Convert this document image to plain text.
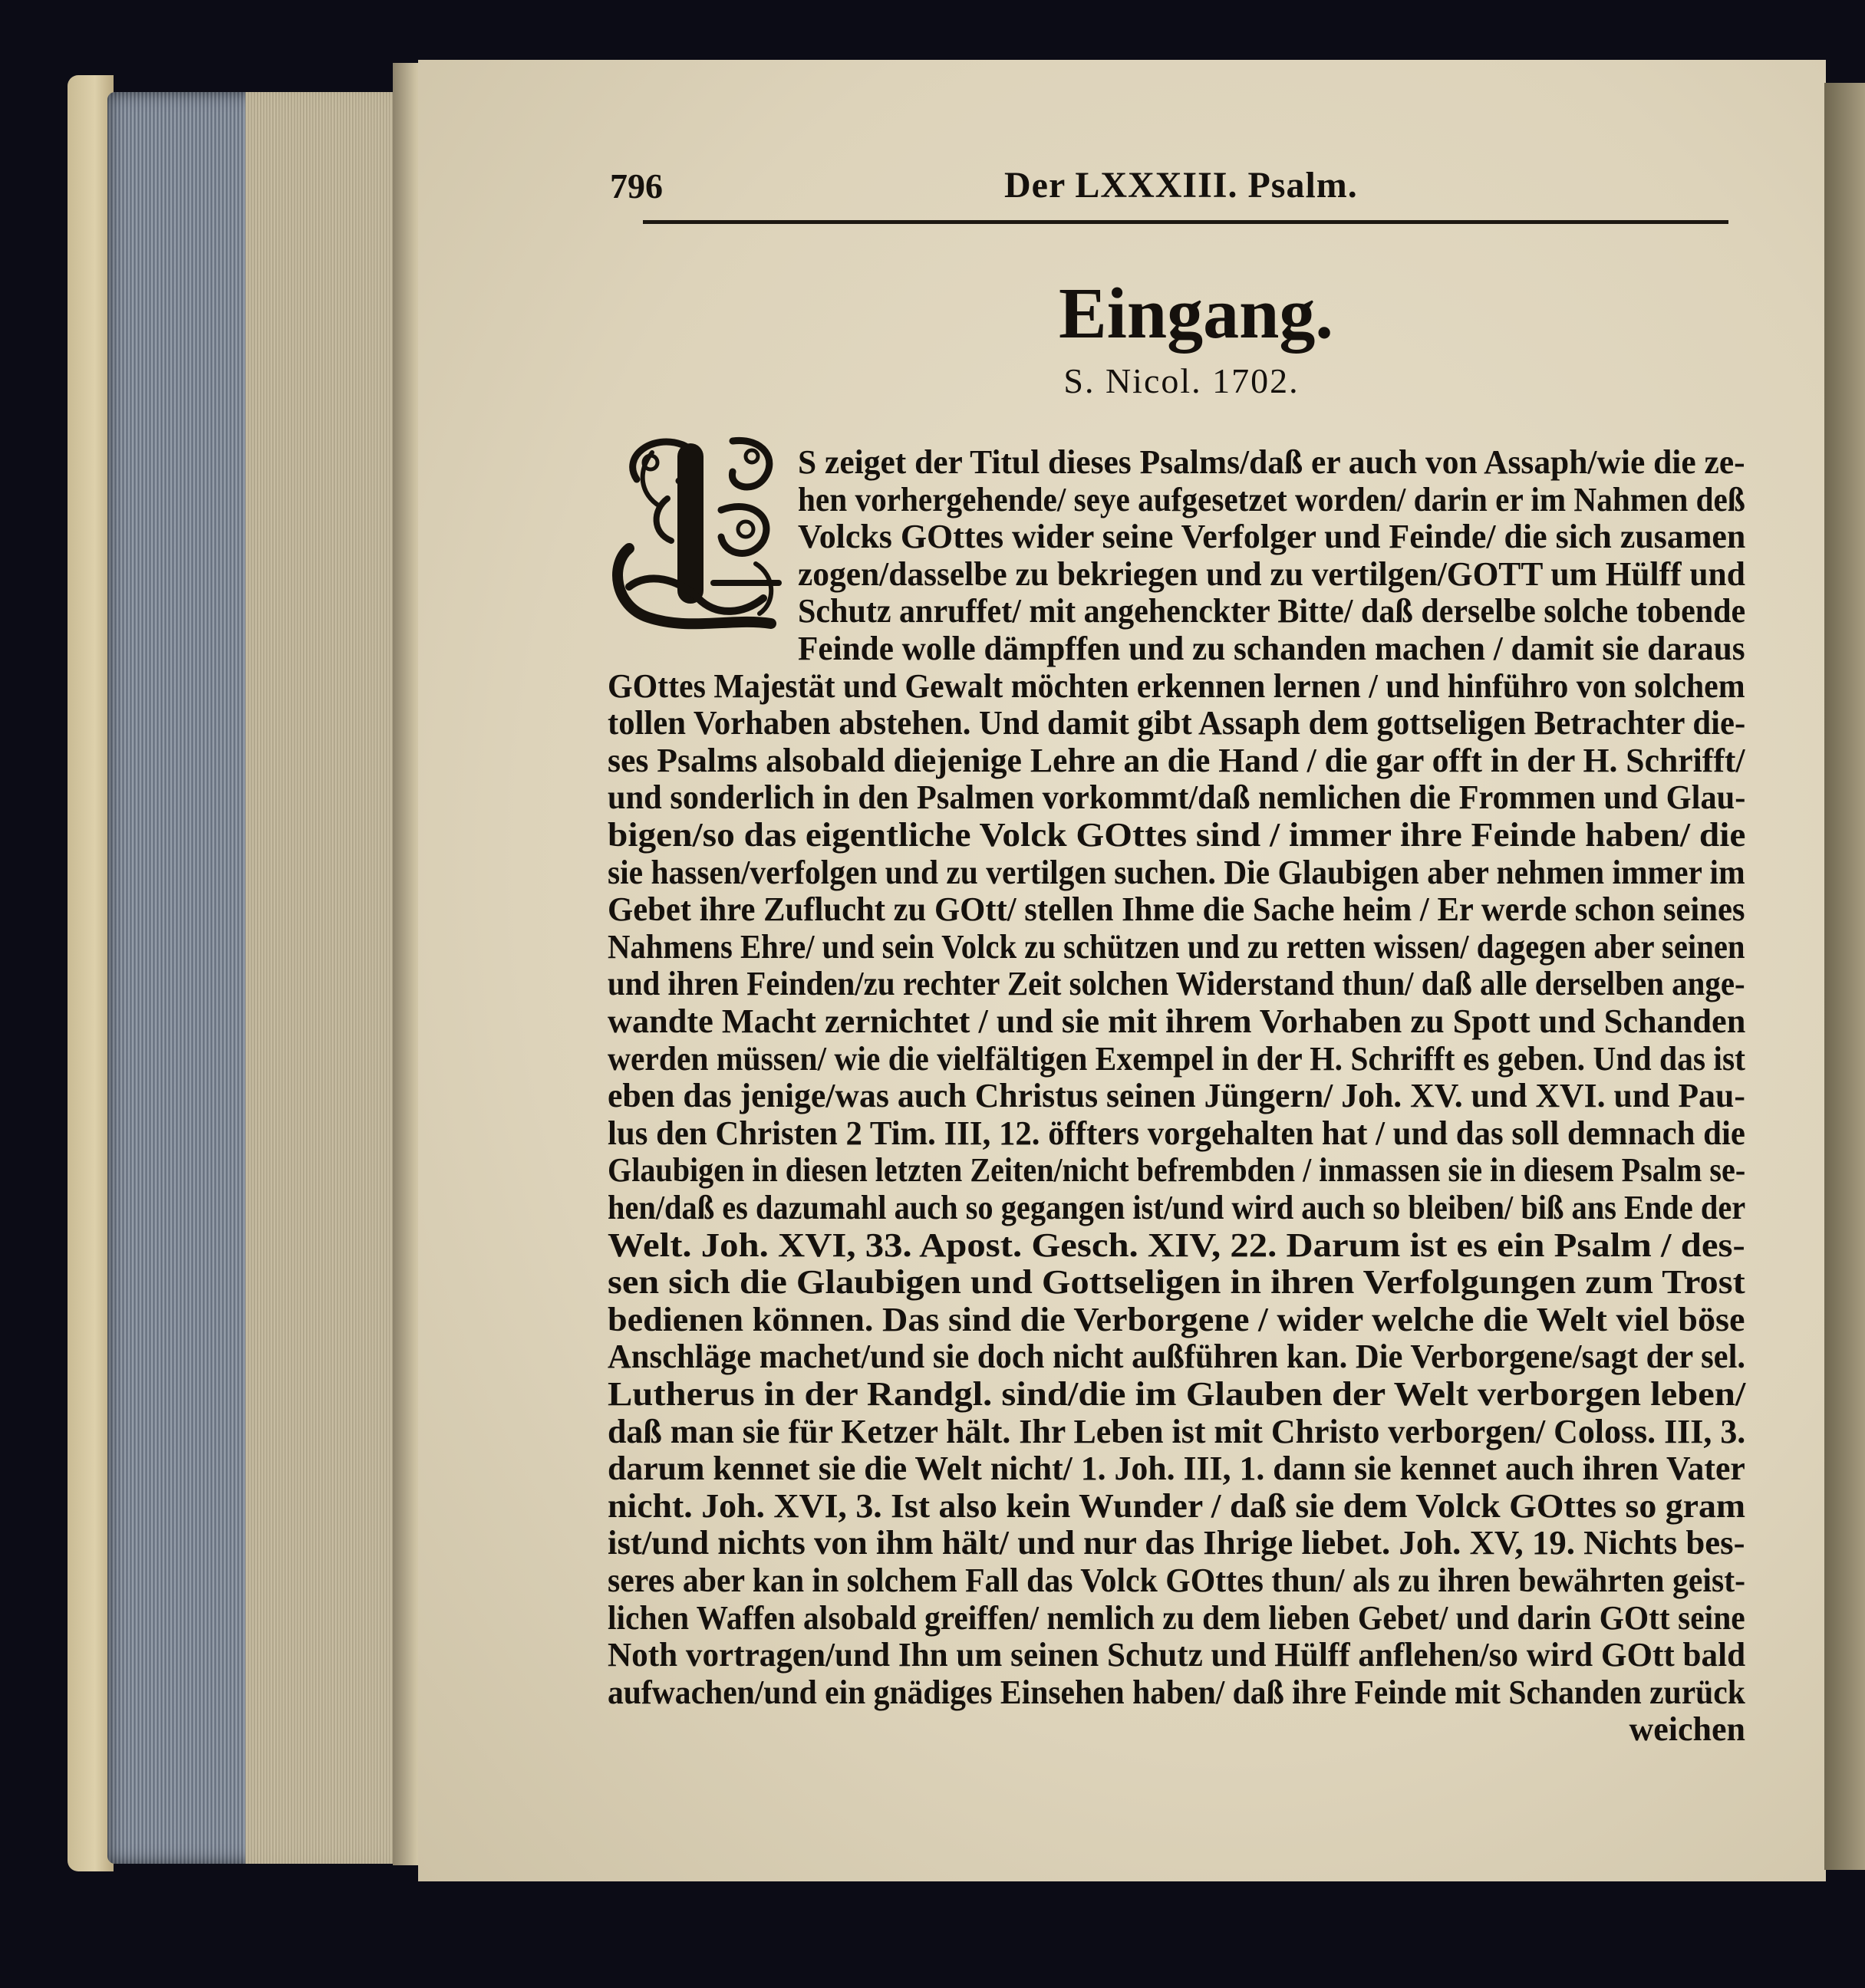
796	Der LXXXIII. Psalm.
Eingang.
S. Nicol. 1702.
S zeiget der Titul dieses Psalms/daß er auch von Assaph/wie die ze-
hen vorhergehende/ seye aufgesetzet worden/ darin er im Nahmen deß
Volcks GOttes wider seine Verfolger und Feinde/ die sich zusamen
zogen/dasselbe zu bekriegen und zu vertilgen/GOTT um Hülff und
Schutz anruffet/ mit angehenckter Bitte/ daß derselbe solche tobende
Feinde wolle dämpffen und zu schanden machen / damit sie daraus
GOttes Majestät und Gewalt möchten erkennen lernen / und hinführo von solchem
tollen Vorhaben abstehen. Und damit gibt Assaph dem gottseligen Betrachter die-
ses Psalms alsobald diejenige Lehre an die Hand / die gar offt in der H. Schrifft/
und sonderlich in den Psalmen vorkommt/daß nemlichen die Frommen und Glau-
bigen/so das eigentliche Volck GOttes sind / immer ihre Feinde haben/ die
sie hassen/verfolgen und zu vertilgen suchen. Die Glaubigen aber nehmen immer im
Gebet ihre Zuflucht zu GOtt/ stellen Ihme die Sache heim / Er werde schon seines
Nahmens Ehre/ und sein Volck zu schützen und zu retten wissen/ dagegen aber seinen
und ihren Feinden/zu rechter Zeit solchen Widerstand thun/ daß alle derselben ange-
wandte Macht zernichtet / und sie mit ihrem Vorhaben zu Spott und Schanden
werden müssen/ wie die vielfältigen Exempel in der H. Schrifft es geben. Und das ist
eben das jenige/was auch Christus seinen Jüngern/ Joh. XV. und XVI. und Pau-
lus den Christen 2 Tim. III, 12. öffters vorgehalten hat / und das soll demnach die
Glaubigen in diesen letzten Zeiten/nicht befrembden / inmassen sie in diesem Psalm se-
hen/daß es dazumahl auch so gegangen ist/und wird auch so bleiben/ biß ans Ende der
Welt. Joh. XVI, 33. Apost. Gesch. XIV, 22. Darum ist es ein Psalm / des-
sen sich die Glaubigen und Gottseligen in ihren Verfolgungen zum Trost
bedienen können. Das sind die Verborgene / wider welche die Welt viel böse
Anschläge machet/und sie doch nicht außführen kan. Die Verborgene/sagt der sel.
Lutherus in der Randgl. sind/die im Glauben der Welt verborgen leben/
daß man sie für Ketzer hält. Ihr Leben ist mit Christo verborgen/ Coloss. III, 3.
darum kennet sie die Welt nicht/ 1. Joh. III, 1. dann sie kennet auch ihren Vater
nicht. Joh. XVI, 3. Ist also kein Wunder / daß sie dem Volck GOttes so gram
ist/und nichts von ihm hält/ und nur das Ihrige liebet. Joh. XV, 19. Nichts bes-
seres aber kan in solchem Fall das Volck GOttes thun/ als zu ihren bewährten geist-
lichen Waffen alsobald greiffen/ nemlich zu dem lieben Gebet/ und darin GOtt seine
Noth vortragen/und Ihn um seinen Schutz und Hülff anflehen/so wird GOtt bald
aufwachen/und ein gnädiges Einsehen haben/ daß ihre Feinde mit Schanden zurück
weichen
